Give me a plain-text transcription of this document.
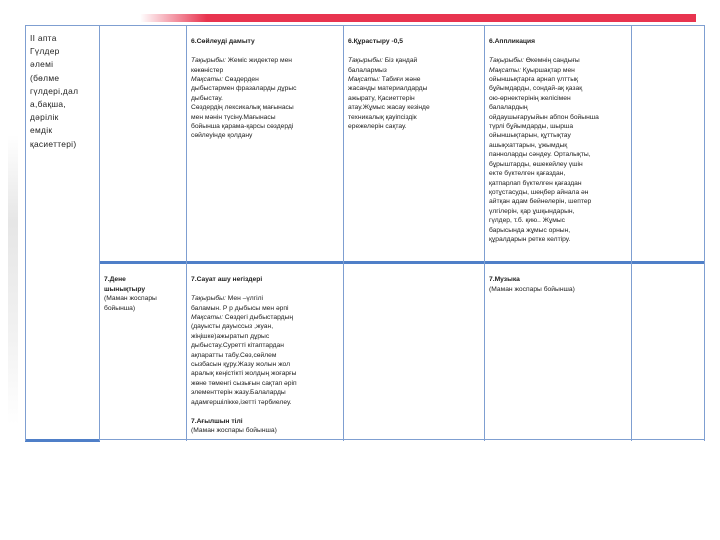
ІІ апта
Гүлдер
әлемі
(бөлме
гүлдері,дал
а,бақша,
дәрілік
емдік
қасиеттері)

6.Сөйлеуді дамыту

Тақырыбы: Жеміс жидектер мен
көкөністер
Мақсаты: Сөздерден
дыбыстармен фразаларды дұрыс
дыбыстау.
Сөздердің лексикалық мағынасы
мен мәнін түсіну.Мағынасы
бойынша қарама-қарсы сөздерді
сөйлеуінде қолдану

6.Құрастыру -0,5

Тақырыбы: Біз қандай
балалармыз
Мақсаты: Табиғи және
жасанды материалдарды
ажырату, Қасиеттерін
атау.Жұмыс жасау кезінде
техникалық қауіпсіздік
ережелерін сақтау.

6.Аппликация

Тақырыбы: Өкемнің сандығы
Мақсаты: Қуыршақтар мен
ойыншықтарға арнап үлттық
бұйымдарды, сондай-ақ қазақ
ою-өрнектерінің желісімен
балалардың
ойдаушығаруыйын абпон бойынша
түрлі бұйымдарды, шырша
ойыншықтарын, құттықтау
ашықхаттарын, ұжымдық
панноларды сәндеу. Орталықты,
бұрыштарды, өшекейлеу үшін
екте бүктелген қағаздан,
қатпарлап бүктелген қағаздан
қотұстасуды, шеңбер айнала ән
айтқан адам бейнелерін, шептер
үлгілерін, қар ұшқындарын,
гүлдер, т.б. қию.. Жұмыс
барысында жұмыс орнын,
құралдарын ретке келтіру.

7.Дене
шынықтыру
(Маман жоспары
бойынша)

7.Сауат ашу негіздері

Тақырыбы: Мен –үлгілі
баламын. Р р дыбысы мен әрпі
Мақсаты: Сөздегі дыбыстардың
(дауысты дауыссыз ,жуан,
жіңішке)ажыратып дұрыс
дыбыстау.Суретті кітаптардан
ақпаратты табу.Сөз,сөйлем
сызбасын құру.Жазу жолын жол
аралық кеңістікті жолдың жоғарғы
жөне төменгі сызығын сақтап әріп
элементтерін жазу.Балаларды
адамгершілікке,ізетті тәрбиелеу.

7.Ағылшын тілі
(Маман жоспары бойынша)

7.Музыка
(Маман жоспары бойынша)
